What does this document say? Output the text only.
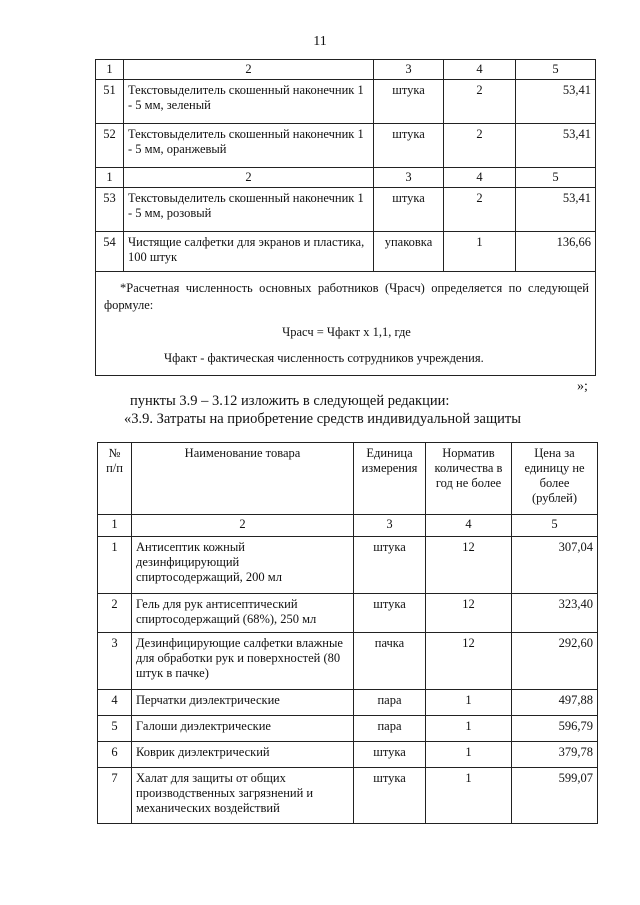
11
1	2	3	4	5
51	Текстовыделитель скошенный наконечник 1 - 5 мм, зеленый	штука	2	53,41
52	Текстовыделитель скошенный наконечник 1 - 5 мм, оранжевый	штука	2	53,41
1	2	3	4	5
53	Текстовыделитель скошенный наконечник 1 - 5 мм, розовый	штука	2	53,41
54	Чистящие салфетки для экранов и пластика, 100 штук	упаковка	1	136,66

*Расчетная численность основных работников (Чрасч) определяется по следующей формуле:
Чрасч = Чфакт х 1,1, где
Чфакт - фактическая численность сотрудников учреждения.				
»;
пункты 3.9 – 3.12 изложить в следующей редакции:
«3.9. Затраты на приобретение средств индивидуальной защиты
№ п/п	Наименование товара	Единица измерения	Норматив количества в год не более	Цена за единицу не более (рублей)
1	2	3	4	5
1	Антисептик кожный дезинфицирующий спиртосодержащий, 200 мл	штука	12	307,04
2	Гель для рук антисептический спиртосодержащий (68%), 250 мл	штука	12	323,40
3	Дезинфицирующие салфетки влажные для обработки рук и поверхностей (80 штук в пачке)	пачка	12	292,60
4	Перчатки диэлектрические	пара	1	497,88
5	Галоши диэлектрические	пара	1	596,79
6	Коврик диэлектрический	штука	1	379,78
7	Халат для защиты от общих производственных загрязнений и механических воздействий	штука	1	599,07
